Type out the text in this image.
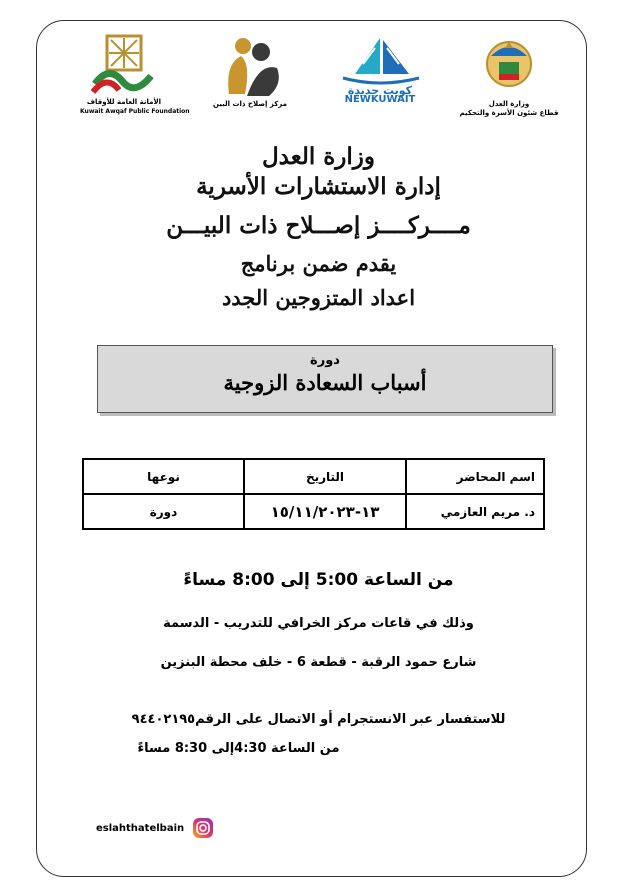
الأمانة العامة للأوقاف
Kuwait Awqaf Public Foundation
مركز إصلاح ذات البين
كويت جديدة
NEWKUWAIT	وزارة العدل
قطاع شئون الأسرة والتحكيم
وزارة العدل
إدارة الاستشارات الأسرية
مــــركــــز إصـــلاح ذات البيـــن
يقدم ضمن برنامج
اعداد المتزوجين الجدد
دورة
أسباب السعادة الزوجية
اسم المحاضر	التاريخ	نوعها
د. مريم العازمي	١٣-١٥/١١/٢٠٢٣	دورة
من الساعة 5:00 إلى 8:00 مساءً
وذلك في قاعات مركز الخرافي للتدريب - الدسمة
شارع حمود الرقبة - قطعة 6 - خلف محطة البنزين
للاستفسار عبر الانستجرام أو الاتصال على الرقم٩٤٤٠٢١٩٥
من الساعة 4:30إلى 8:30 مساءً
eslahthatelbain
